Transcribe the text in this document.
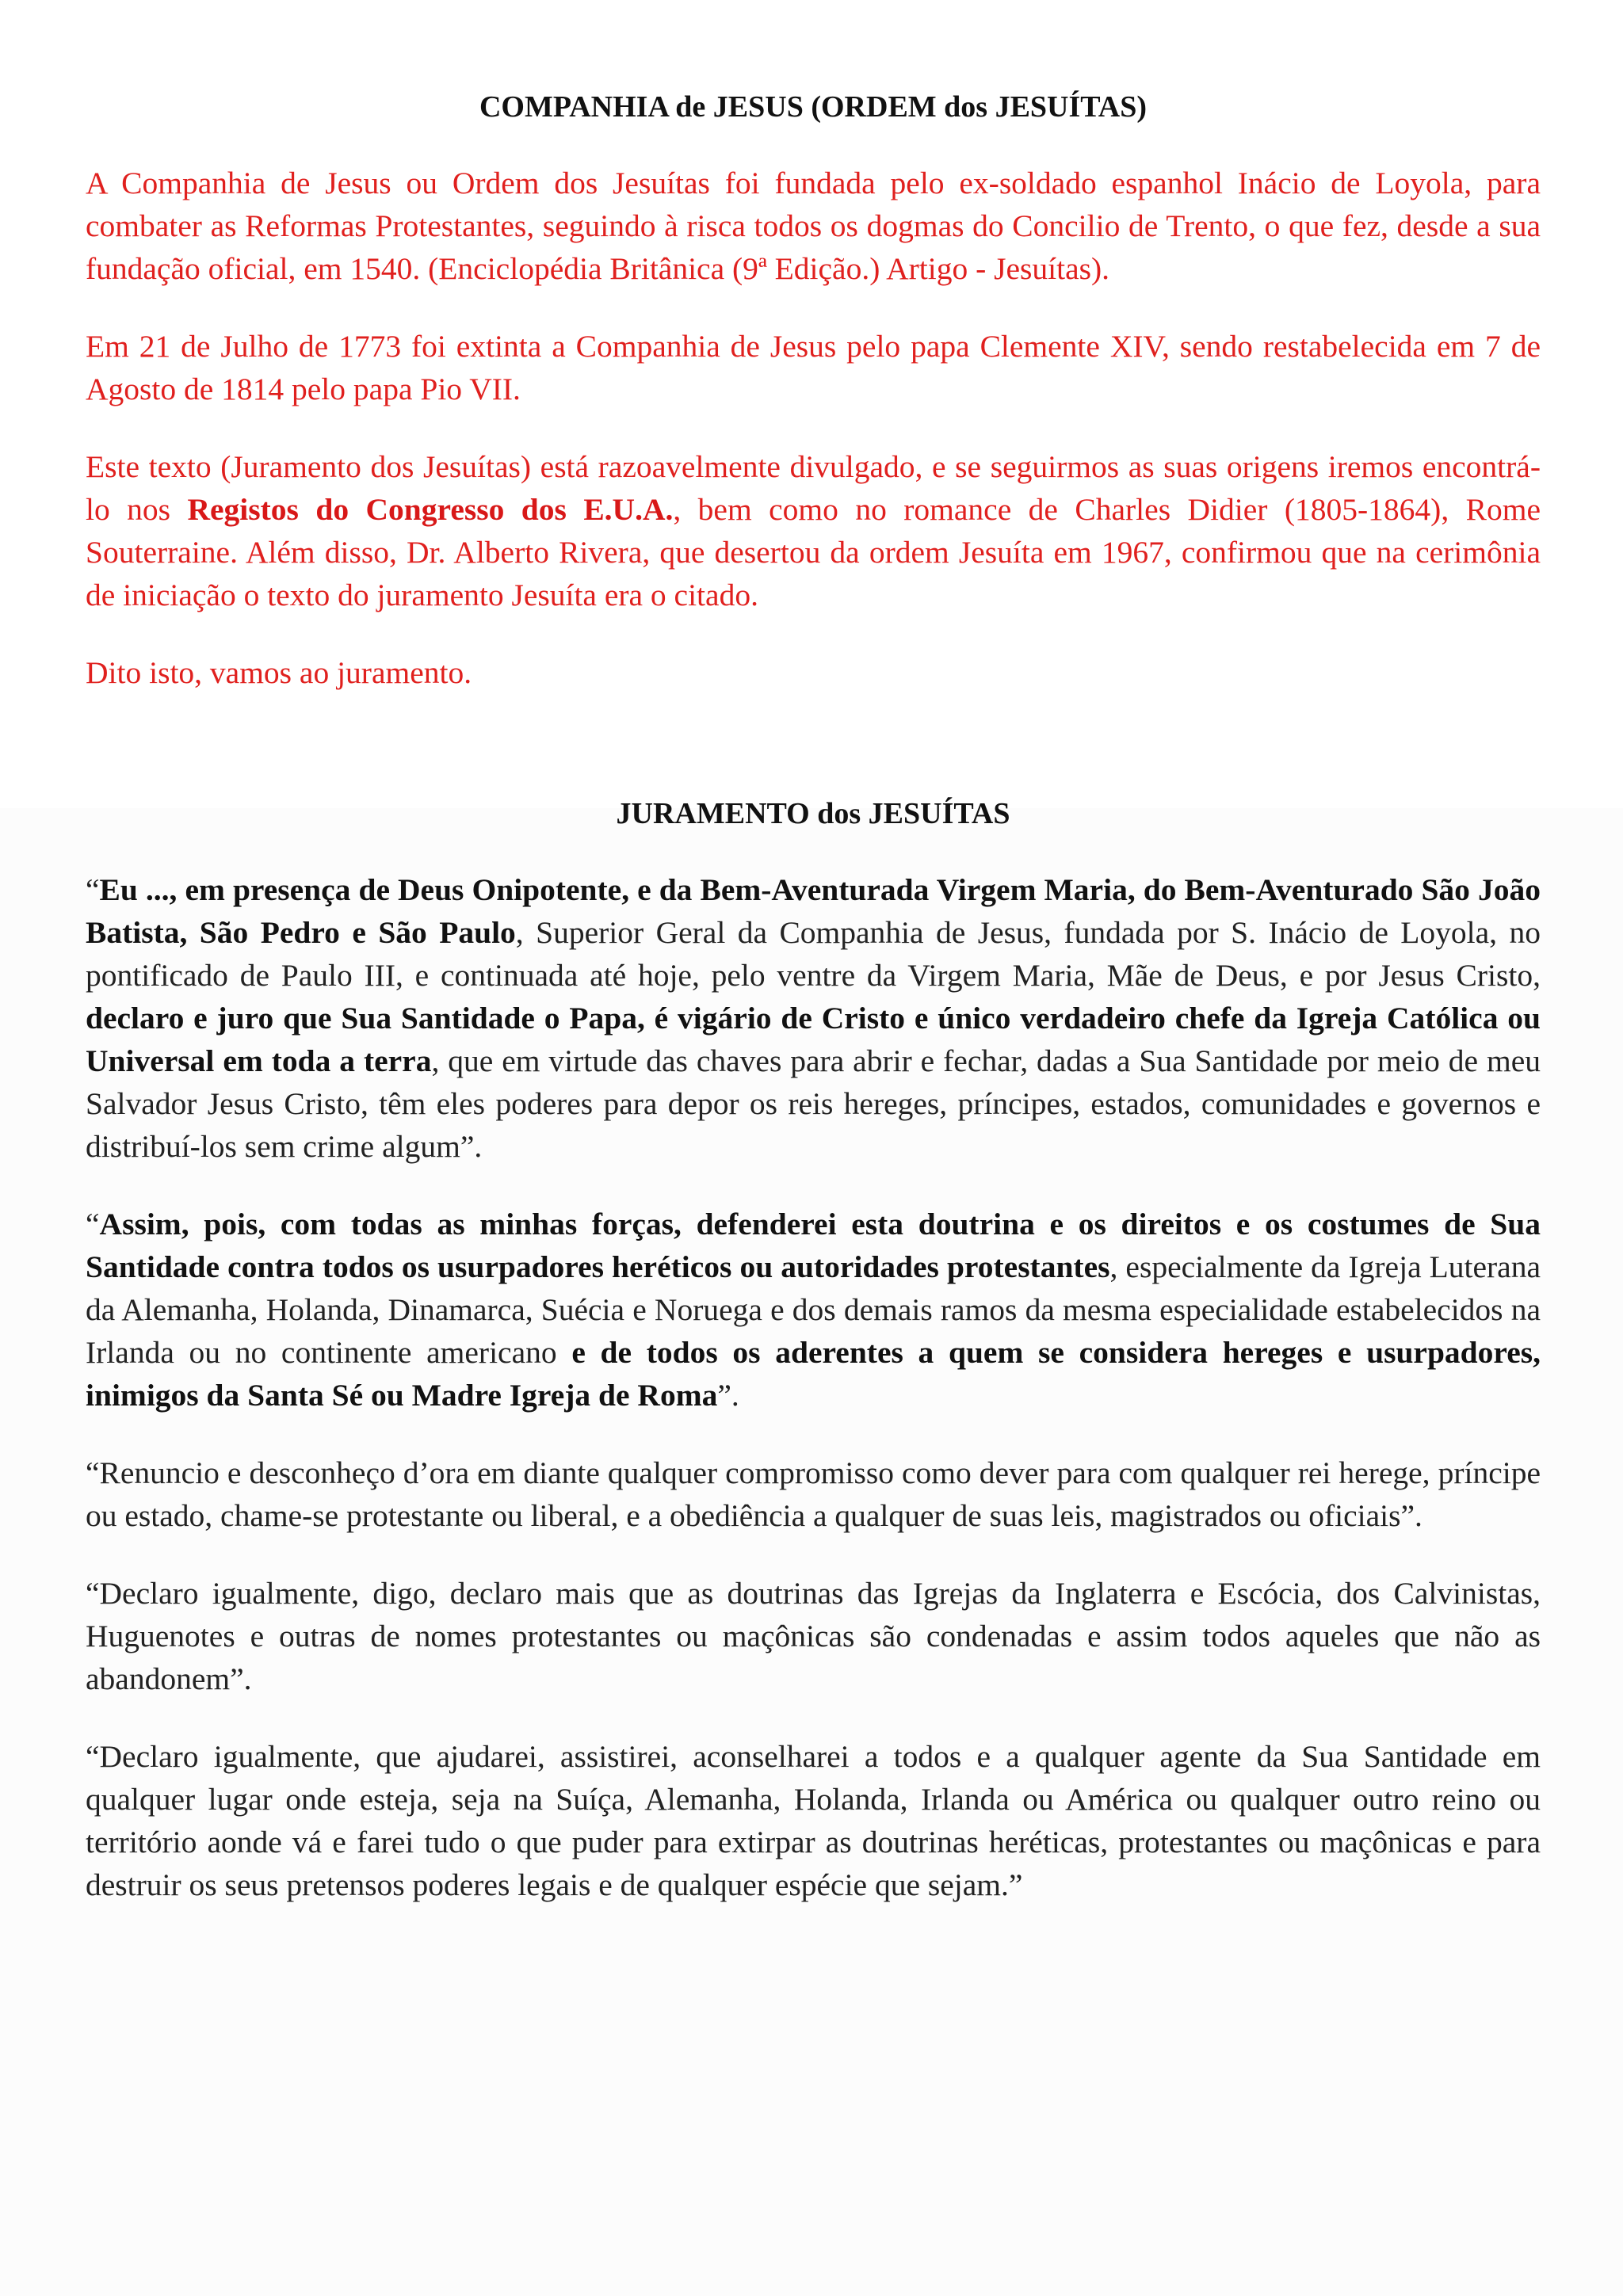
COMPANHIA de JESUS (ORDEM dos JESUÍTAS)

A Companhia de Jesus ou Ordem dos Jesuítas foi fundada pelo ex-soldado espanhol Inácio de Loyola, para combater as Reformas Protestantes, seguindo à risca todos os dogmas do Concilio de Trento, o que fez, desde a sua fundação oficial, em 1540. (Enciclopédia Britânica (9ª Edição.) Artigo - Jesuítas).

Em 21 de Julho de 1773 foi extinta a Companhia de Jesus pelo papa Clemente XIV, sendo restabelecida em 7 de Agosto de 1814 pelo papa Pio VII.

Este texto (Juramento dos Jesuítas) está razoavelmente divulgado, e se seguirmos as suas origens iremos encontrá-lo nos Registos do Congresso dos E.U.A., bem como no romance de Charles Didier (1805-1864), Rome Souterraine. Além disso, Dr. Alberto Rivera, que desertou da ordem Jesuíta em 1967, confirmou que na cerimônia de iniciação o texto do juramento Jesuíta era o citado.

Dito isto, vamos ao juramento.

JURAMENTO dos JESUÍTAS

“Eu ..., em presença de Deus Onipotente, e da Bem-Aventurada Virgem Maria, do Bem-Aventurado São João Batista, São Pedro e São Paulo, Superior Geral da Companhia de Jesus, fundada por S. Inácio de Loyola, no pontificado de Paulo III, e continuada até hoje, pelo ventre da Virgem Maria, Mãe de Deus, e por Jesus Cristo, declaro e juro que Sua Santidade o Papa, é vigário de Cristo e único verdadeiro chefe da Igreja Católica ou Universal em toda a terra, que em virtude das chaves para abrir e fechar, dadas a Sua Santidade por meio de meu Salvador Jesus Cristo, têm eles poderes para depor os reis hereges, príncipes, estados, comunidades e governos e distribuí-los sem crime algum”.

“Assim, pois, com todas as minhas forças, defenderei esta doutrina e os direitos e os costumes de Sua Santidade contra todos os usurpadores heréticos ou autoridades protestantes, especialmente da Igreja Luterana da Alemanha, Holanda, Dinamarca, Suécia e Noruega e dos demais ramos da mesma especialidade estabelecidos na Irlanda ou no continente americano e de todos os aderentes a quem se considera hereges e usurpadores, inimigos da Santa Sé ou Madre Igreja de Roma”.

“Renuncio e desconheço d’ora em diante qualquer compromisso como dever para com qualquer rei herege, príncipe ou estado, chame-se protestante ou liberal, e a obediência a qualquer de suas leis, magistrados ou oficiais”.

“Declaro igualmente, digo, declaro mais que as doutrinas das Igrejas da Inglaterra e Escócia, dos Calvinistas, Huguenotes e outras de nomes protestantes ou maçônicas são condenadas e assim todos aqueles que não as abandonem”.

“Declaro igualmente, que ajudarei, assistirei, aconselharei a todos e a qualquer agente da Sua Santidade em qualquer lugar onde esteja, seja na Suíça, Alemanha, Holanda, Irlanda ou América ou qualquer outro reino ou território aonde vá e farei tudo o que puder para extirpar as doutrinas heréticas, protestantes ou maçônicas e para destruir os seus pretensos poderes legais e de qualquer espécie que sejam.”
